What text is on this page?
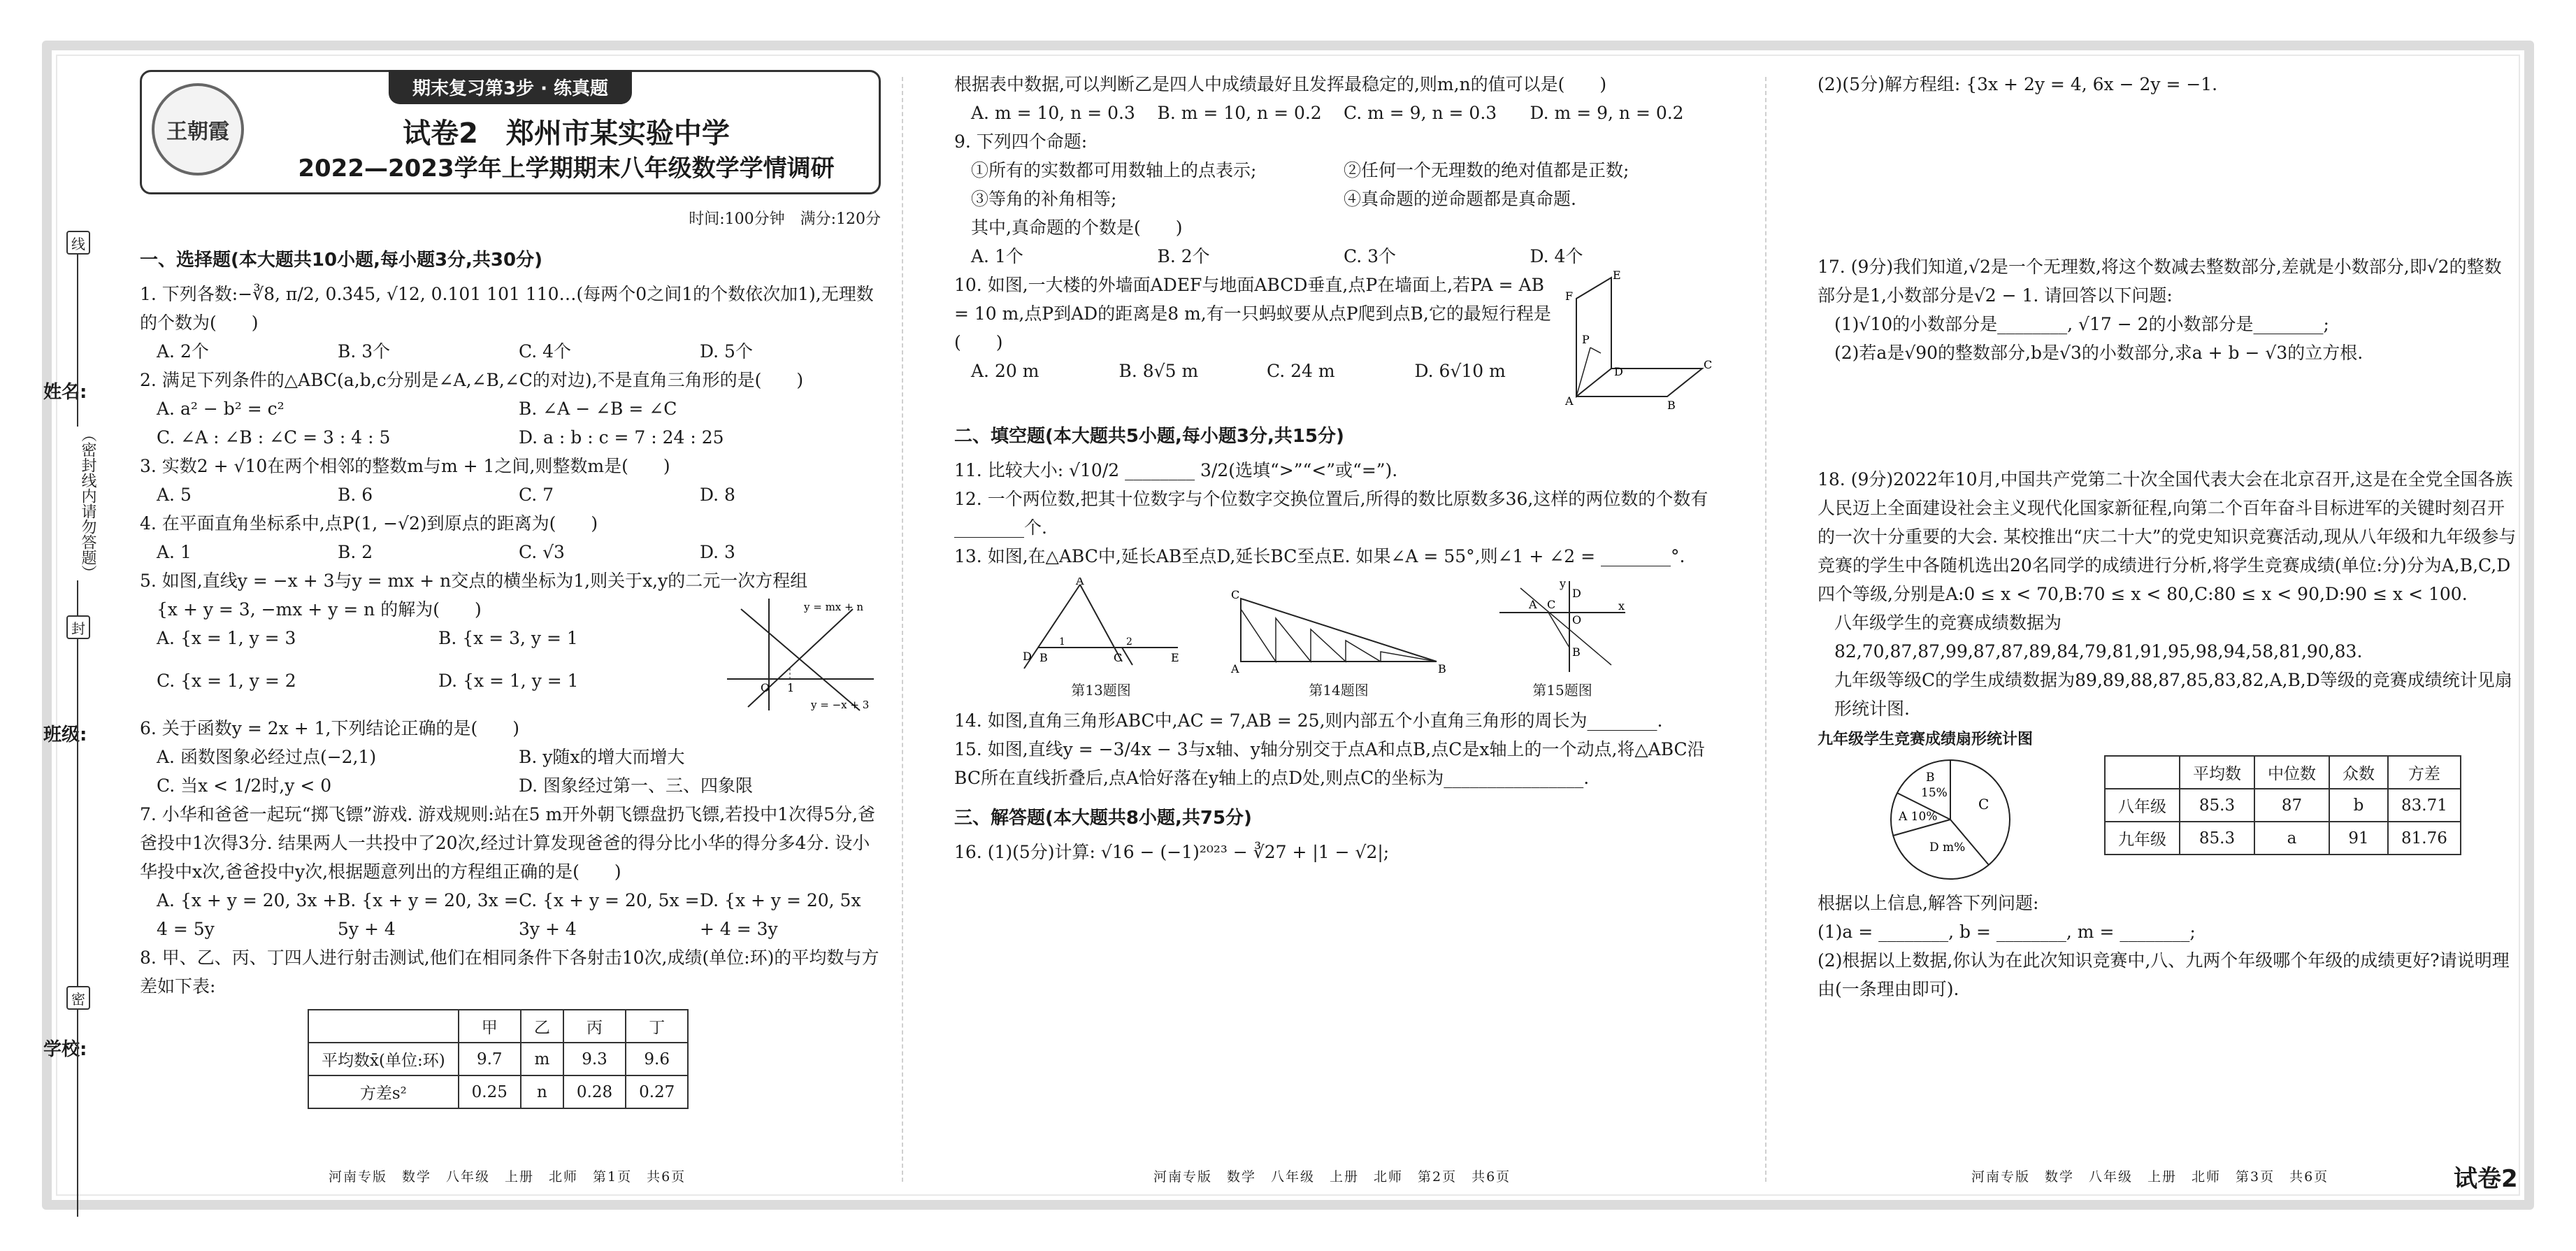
姓名:
班级:
学校:
线
（密封线内请勿答题）
封
密
期末复习第3步 · 练真题
王朝霞	试卷2　郑州市某实验中学
2022—2023学年上学期期末八年级数学学情调研
时间:100分钟　满分:120分
一、选择题(本大题共10小题,每小题3分,共30分)

1. 下列各数:−∛8, π/2, 0.3̇4̇5, √12, 0.101 101 110…(每两个0之间1的个数依次加1),无理数的个数为(　　)

A. 2个	B. 3个	C. 4个	D. 5个

2. 满足下列条件的△ABC(a,b,c分别是∠A,∠B,∠C的对边),不是直角三角形的是(　　)

A. a² − b² = c²	B. ∠A − ∠B = ∠C
C. ∠A : ∠B : ∠C = 3 : 4 : 5	D. a : b : c = 7 : 24 : 25

3. 实数2 + √10在两个相邻的整数m与m + 1之间,则整数m是(　　)

A. 5	B. 6	C. 7	D. 8

4. 在平面直角坐标系中,点P(1, −√2)到原点的距离为(　　)

A. 1	B. 2	C. √3	D. 3

5. 如图,直线y = −x + 3与y = mx + n交点的横坐标为1,则关于x,y的二元一次方程组

{x + y = 3, −mx + y = n 的解为(　　)

A. {x = 1, y = 3	B. {x = 3, y = 1
C. {x = 1, y = 2	D. {x = 1, y = 1	O 1
y = mx + n
y = −x + 3

6. 关于函数y = 2x + 1,下列结论正确的是(　　)

A. 函数图象必经过点(−2,1)	B. y随x的增大而增大
C. 当x < 1/2时,y < 0	D. 图象经过第一、三、四象限

7. 小华和爸爸一起玩“掷飞镖”游戏. 游戏规则:站在5 m开外朝飞镖盘扔飞镖,若投中1次得5分,爸爸投中1次得3分. 结果两人一共投中了20次,经过计算发现爸爸的得分比小华的得分多4分. 设小华投中x次,爸爸投中y次,根据题意列出的方程组正确的是(　　)

A. {x + y = 20, 3x + 4 = 5y
B. {x + y = 20, 3x = 5y + 4
C. {x + y = 20, 5x = 3y + 4
D. {x + y = 20, 5x + 4 = 3y

8. 甲、乙、丙、丁四人进行射击测试,他们在相同条件下各射击10次,成绩(单位:环)的平均数与方差如下表:

	甲	乙	丙	丁
平均数x̄(单位:环)	9.7	m	9.3	9.6
方差s²	0.25	n	0.28	0.27

根据表中数据,可以判断乙是四人中成绩最好且发挥最稳定的,则m,n的值可以是(　　)

A. m = 10, n = 0.3	B. m = 10, n = 0.2	C. m = 9, n = 0.3	D. m = 9, n = 0.2

9. 下列四个命题:

①所有的实数都可用数轴上的点表示;	②任何一个无理数的绝对值都是正数;
③等角的补角相等;	④真命题的逆命题都是真命题.

其中,真命题的个数是(　　)

A. 1个	B. 2个	C. 3个	D. 4个

10. 如图,一大楼的外墙面ADEF与地面ABCD垂直,点P在墙面上,若PA = AB = 10 m,点P到AD的距离是8 m,有一只蚂蚁要从点P爬到点B,它的最短行程是(　　)

A. 20 m	B. 8√5 m	C. 24 m	D. 6√10 m
A	B
C
D
E
F
P
二、填空题(本大题共5小题,每小题3分,共15分)

11. 比较大小: √10/2 ________ 3/2(选填“>”“<”或“=”).

12. 一个两位数,把其十位数字与个位数字交换位置后,所得的数比原数多36,这样的两位数的个数有________个.

13. 如图,在△ABC中,延长AB至点D,延长BC至点E. 如果∠A = 55°,则∠1 + ∠2 = ________°.

A
D B	C	E
1	2
第13题图
A
C
B
第14题图
A C
O
B
D
x
y
第15题图

14. 如图,直角三角形ABC中,AC = 7,AB = 25,则内部五个小直角三角形的周长为________.

15. 如图,直线y = −3/4x − 3与x轴、y轴分别交于点A和点B,点C是x轴上的一个动点,将△ABC沿BC所在直线折叠后,点A恰好落在y轴上的点D处,则点C的坐标为________________.

三、解答题(本大题共8小题,共75分)

16. (1)(5分)计算: √16 − (−1)²⁰²³ − ∛27 + |1 − √2|;

(2)(5分)解方程组: {3x + 2y = 4, 6x − 2y = −1.

17. (9分)我们知道,√2是一个无理数,将这个数减去整数部分,差就是小数部分,即√2的整数部分是1,小数部分是√2 − 1. 请回答以下问题:

(1)√10的小数部分是________, √17 − 2的小数部分是________;

(2)若a是√90的整数部分,b是√3的小数部分,求a + b − √3的立方根.

18. (9分)2022年10月,中国共产党第二十次全国代表大会在北京召开,这是在全党全国各族人民迈上全面建设社会主义现代化国家新征程,向第二个百年奋斗目标进军的关键时刻召开的一次十分重要的大会. 某校推出“庆二十大”的党史知识竞赛活动,现从八年级和九年级参与竞赛的学生中各随机选出20名同学的成绩进行分析,将学生竞赛成绩(单位:分)分为A,B,C,D四个等级,分别是A:0 ≤ x < 70,B:70 ≤ x < 80,C:80 ≤ x < 90,D:90 ≤ x < 100.

八年级学生的竞赛成绩数据为82,70,87,87,99,87,87,89,84,79,81,91,95,98,94,58,81,90,83.

九年级等级C的学生成绩数据为89,89,88,87,85,83,82,A,B,D等级的竞赛成绩统计见扇形统计图.

九年级学生竞赛成绩扇形统计图
B
15%
A 10%
C
D m%
	平均数	中位数	众数	方差
八年级	85.3	87	b	83.71
九年级	85.3	a	91	81.76

根据以上信息,解答下列问题:

(1)a = ________, b = ________, m = ________;

(2)根据以上数据,你认为在此次知识竞赛中,八、九两个年级哪个年级的成绩更好?请说明理由(一条理由即可).

河南专版　数学　八年级　上册　北师　第1页　共6页	河南专版　数学　八年级　上册　北师　第2页　共6页	河南专版　数学　八年级　上册　北师　第3页　共6页	试卷2
